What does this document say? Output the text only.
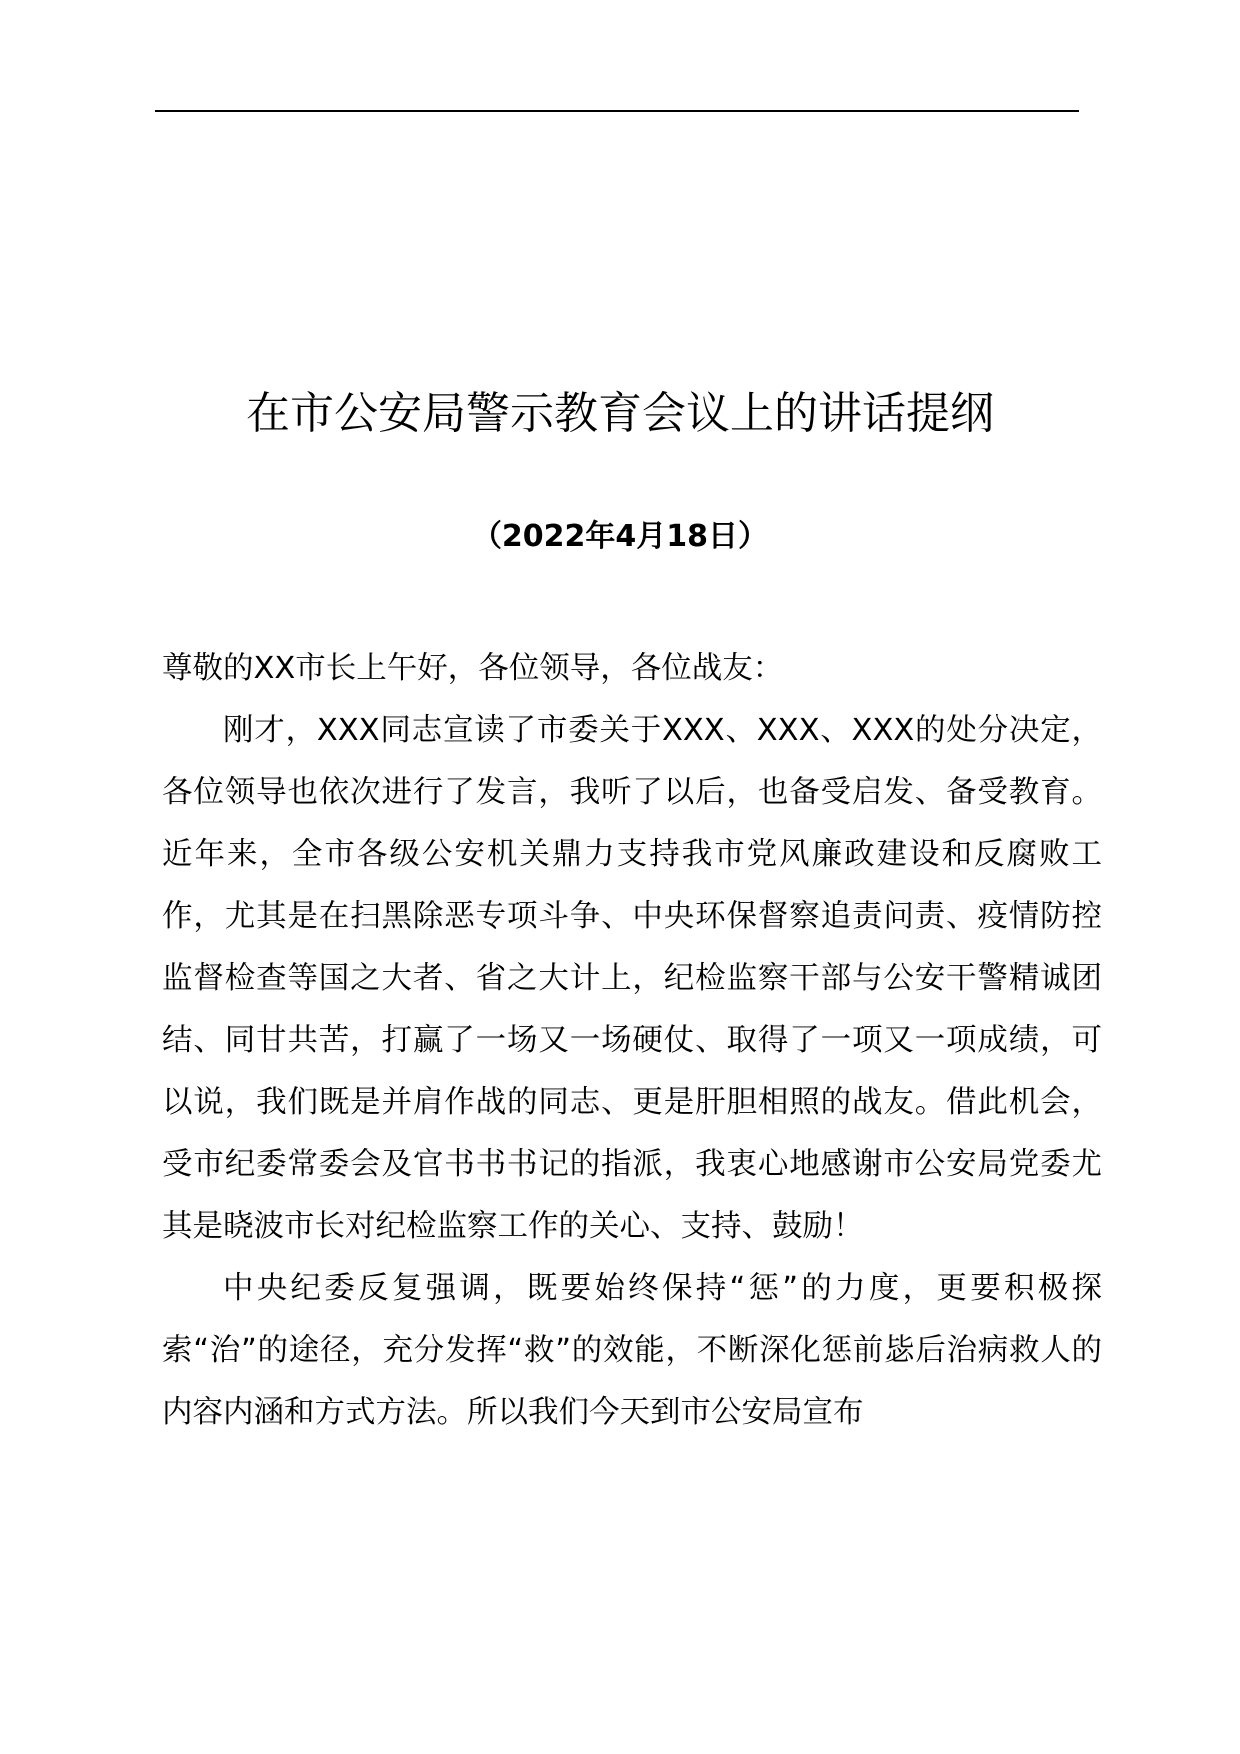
在市公安局警示教育会议上的讲话提纲
（2022年4月18日）

尊敬的XX市长上午好，各位领导，各位战友：

刚才，XXX同志宣读了市委关于XXX、XXX、XXX的处分决定，各位领导也依次进行了发言，我听了以后，也备受启发、备受教育。近年来，全市各级公安机关鼎力支持我市党风廉政建设和反腐败工作，尤其是在扫黑除恶专项斗争、中央环保督察追责问责、疫情防控监督检查等国之大者、省之大计上，纪检监察干部与公安干警精诚团结、同甘共苦，打赢了一场又一场硬仗、取得了一项又一项成绩，可以说，我们既是并肩作战的同志、更是肝胆相照的战友。借此机会，受市纪委常委会及官书书书记的指派，我衷心地感谢市公安局党委尤其是晓波市长对纪检监察工作的关心、支持、鼓励！

中央纪委反复强调，既要始终保持“惩”的力度，更要积极探索“治”的途径，充分发挥“救”的效能，不断深化惩前毖后治病救人的内容内涵和方式方法。所以我们今天到市公安局宣布
